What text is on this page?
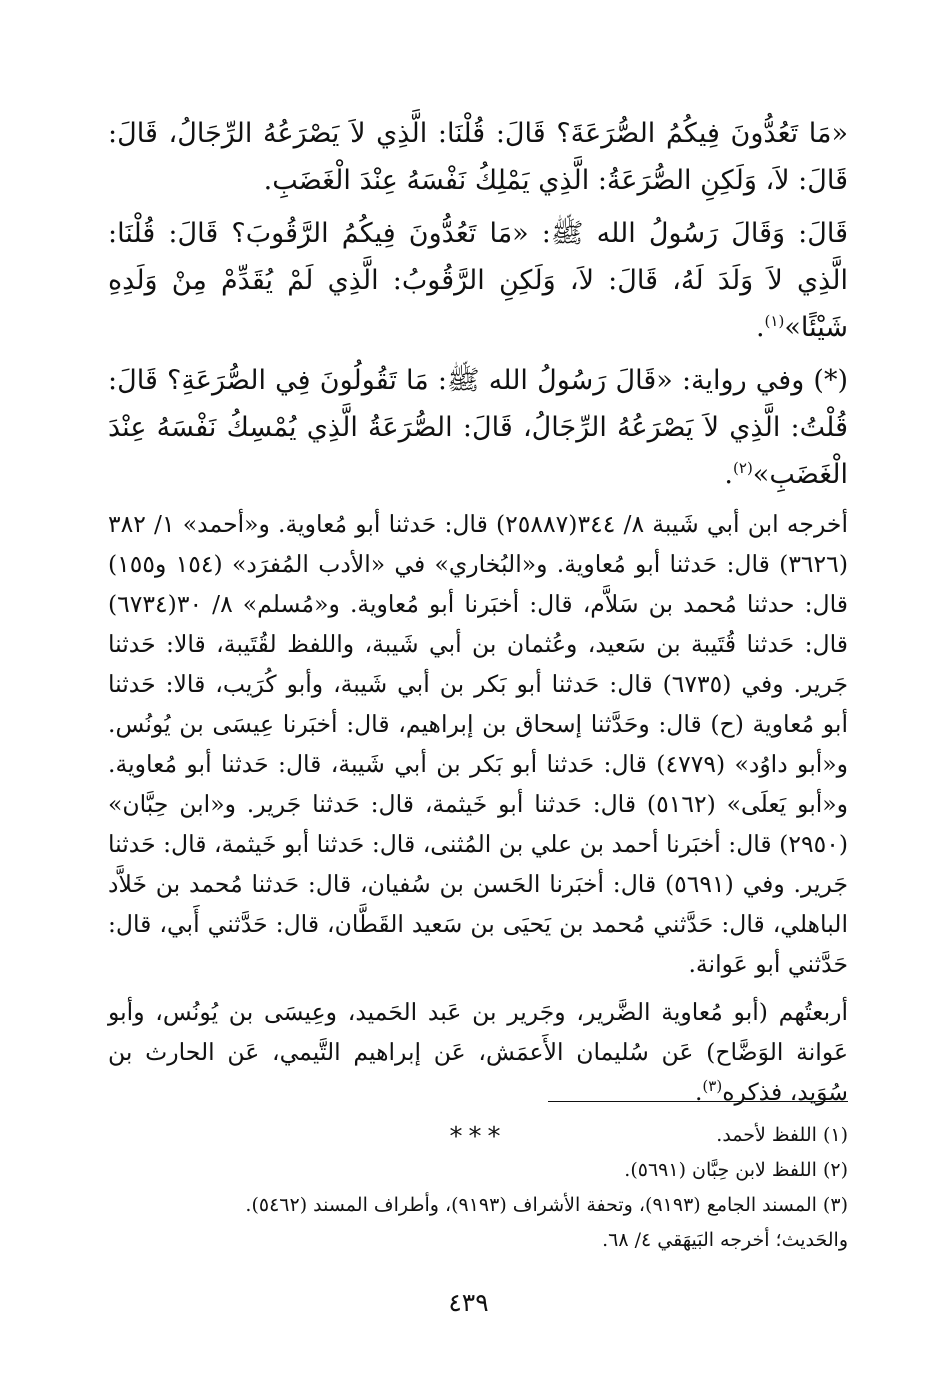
«مَا تَعُدُّونَ فِيكُمُ الصُّرَعَةَ؟ قَالَ: قُلْنَا: الَّذِي لاَ يَصْرَعُهُ الرِّجَالُ، قَالَ: قَالَ: لاَ، وَلَكِنِ الصُّرَعَةُ: الَّذِي يَمْلِكُ نَفْسَهُ عِنْدَ الْغَضَبِ.

قَالَ: وَقَالَ رَسُولُ الله ﷺ: «مَا تَعُدُّونَ فِيكُمُ الرَّقُوبَ؟ قَالَ: قُلْنَا: الَّذِي لاَ وَلَدَ لَهُ، قَالَ: لاَ، وَلَكِنِ الرَّقُوبُ: الَّذِي لَمْ يُقَدِّمْ مِنْ وَلَدِهِ شَيْئًا»$^{(١)}$.

(*) وفي رواية: «قَالَ رَسُولُ الله ﷺ: مَا تَقُولُونَ فِي الصُّرَعَةِ؟ قَالَ: قُلْتُ: الَّذِي لاَ يَصْرَعُهُ الرِّجَالُ، قَالَ: الصُّرَعَةُ الَّذِي يُمْسِكُ نَفْسَهُ عِنْدَ الْغَضَبِ»$^{(٢)}$.

أخرجه ابن أبي شَيبة ٨/ ٣٤٤(٢٥٨٨٧) قال: حَدثنا أبو مُعاوية. و«أحمد» ١/ ٣٨٢ (٣٦٢٦) قال: حَدثنا أبو مُعاوية. و«البُخاري» في «الأدب المُفرَد» (١٥٤ و١٥٥) قال: حدثنا مُحمد بن سَلاَّم، قال: أخبَرنا أبو مُعاوية. و«مُسلم» ٨/ ٣٠(٦٧٣٤) قال: حَدثنا قُتَيبة بن سَعيد، وعُثمان بن أبي شَيبة، واللفظ لقُتَيبة، قالا: حَدثنا جَرير. وفي (٦٧٣٥) قال: حَدثنا أبو بَكر بن أبي شَيبة، وأبو كُرَيب، قالا: حَدثنا أبو مُعاوية (ح) قال: وحَدَّثنا إسحاق بن إبراهيم، قال: أخبَرنا عِيسَى بن يُونُس. و«أبو داوُد» (٤٧٧٩) قال: حَدثنا أبو بَكر بن أبي شَيبة، قال: حَدثنا أبو مُعاوية. و«أبو يَعلَى» (٥١٦٢) قال: حَدثنا أبو خَيثمة، قال: حَدثنا جَرير. و«ابن حِبَّان» (٢٩٥٠) قال: أخبَرنا أحمد بن علي بن المُثنى، قال: حَدثنا أبو خَيثمة، قال: حَدثنا جَرير. وفي (٥٦٩١) قال: أخبَرنا الحَسن بن سُفيان، قال: حَدثنا مُحمد بن خَلاَّد الباهلي، قال: حَدَّثني مُحمد بن يَحيَى بن سَعيد القَطَّان، قال: حَدَّثني أَبي، قال: حَدَّثني أبو عَوانة.

أربعتُهم (أبو مُعاوية الضَّرير، وجَرير بن عَبد الحَميد، وعِيسَى بن يُونُس، وأبو عَوانة الوَضَّاح) عَن سُليمان الأَعمَش، عَن إبراهيم التَّيمي، عَن الحارث بن سُوَيد، فذكره$^{(٣)}$.

***	(١) اللفظ لأحمد.

(٢) اللفظ لابن حِبَّان (٥٦٩١).

(٣) المسند الجامع (٩١٩٣)، وتحفة الأشراف (٩١٩٣)، وأطراف المسند (٥٤٦٢).

والحَديث؛ أخرجه البَيهَقي ٤/ ٦٨.

٤٣٩
